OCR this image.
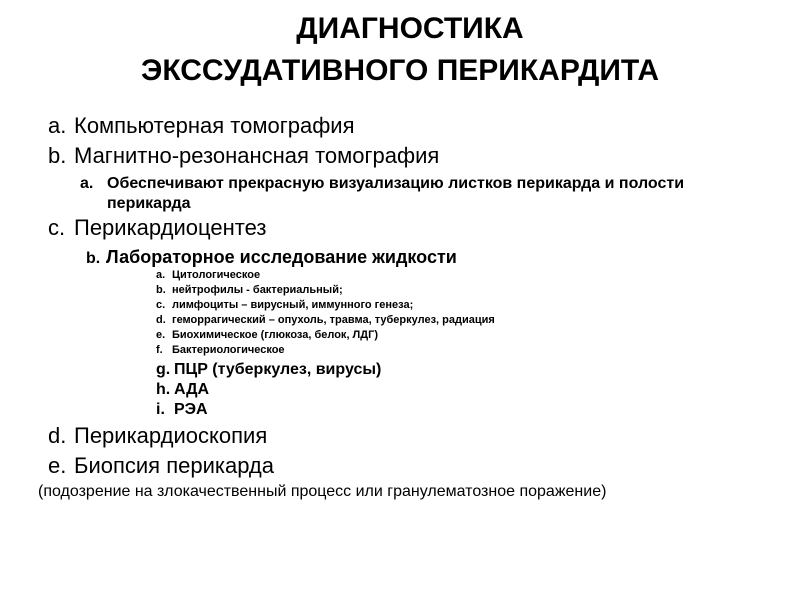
ДИАГНОСТИКА
ЭКССУДАТИВНОГО ПЕРИКАРДИТА
a. Компьютерная томография
b. Магнитно-резонансная томография
a. Обеспечивают прекрасную визуализацию листков перикарда и полости
перикарда
c. Перикардиоцентез
b. Лабораторное исследование жидкости
a. Цитологическое
b. нейтрофилы - бактериальный;
c. лимфоциты – вирусный, иммунного генеза;
d. геморрагический – опухоль, травма, туберкулез, радиация
e. Биохимическое (глюкоза, белок, ЛДГ)
f. Бактериологическое
g. ПЦР (туберкулез, вирусы)
h. АДА
i. РЭА
d. Перикардиоскопия
e. Биопсия перикарда
(подозрение на злокачественный процесс или гранулематозное поражение)
